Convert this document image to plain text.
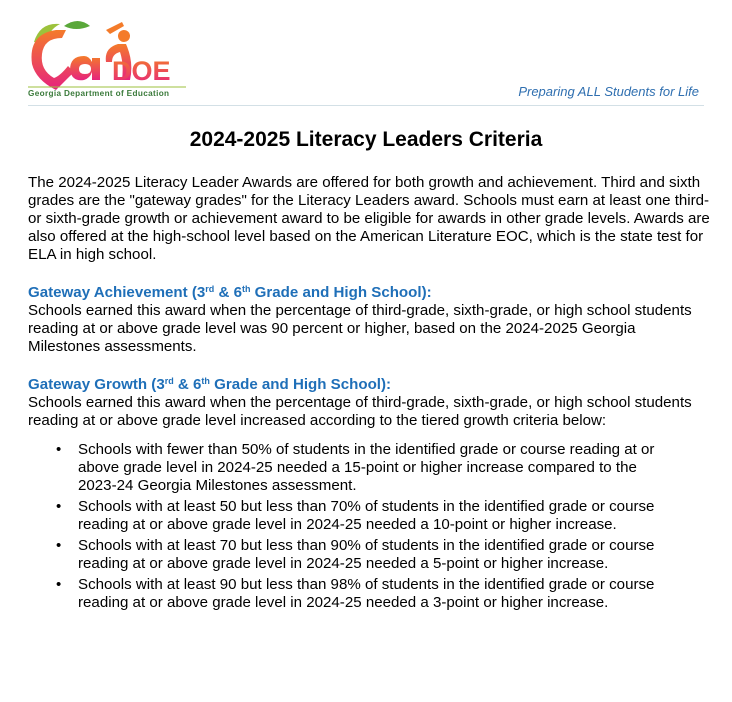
DOE
Georgia Department of Education	Preparing ALL Students for Life
2024-2025 Literacy Leaders Criteria

The 2024-2025 Literacy Leader Awards are offered for both growth and achievement. Third and sixth grades are the "gateway grades" for the Literacy Leaders award. Schools must earn at least one third- or sixth-grade growth or achievement award to be eligible for awards in other grade levels. Awards are also offered at the high-school level based on the American Literature EOC, which is the state test for ELA in high school.

Gateway Achievement (3rd & 6th Grade and High School):

Schools earned this award when the percentage of third-grade, sixth-grade, or high school students reading at or above grade level was 90 percent or higher, based on the 2024-2025 Georgia Milestones assessments.

Gateway Growth (3rd & 6th Grade and High School):

Schools earned this award when the percentage of third-grade, sixth-grade, or high school students reading at or above grade level increased according to the tiered growth criteria below:

• Schools with fewer than 50% of students in the identified grade or course reading at or above grade level in 2024-25 needed a 15-point or higher increase compared to the 2023-24 Georgia Milestones assessment.
• Schools with at least 50 but less than 70% of students in the identified grade or course reading at or above grade level in 2024-25 needed a 10-point or higher increase.
• Schools with at least 70 but less than 90% of students in the identified grade or course reading at or above grade level in 2024-25 needed a 5-point or higher increase.
• Schools with at least 90 but less than 98% of students in the identified grade or course reading at or above grade level in 2024-25 needed a 3-point or higher increase.
